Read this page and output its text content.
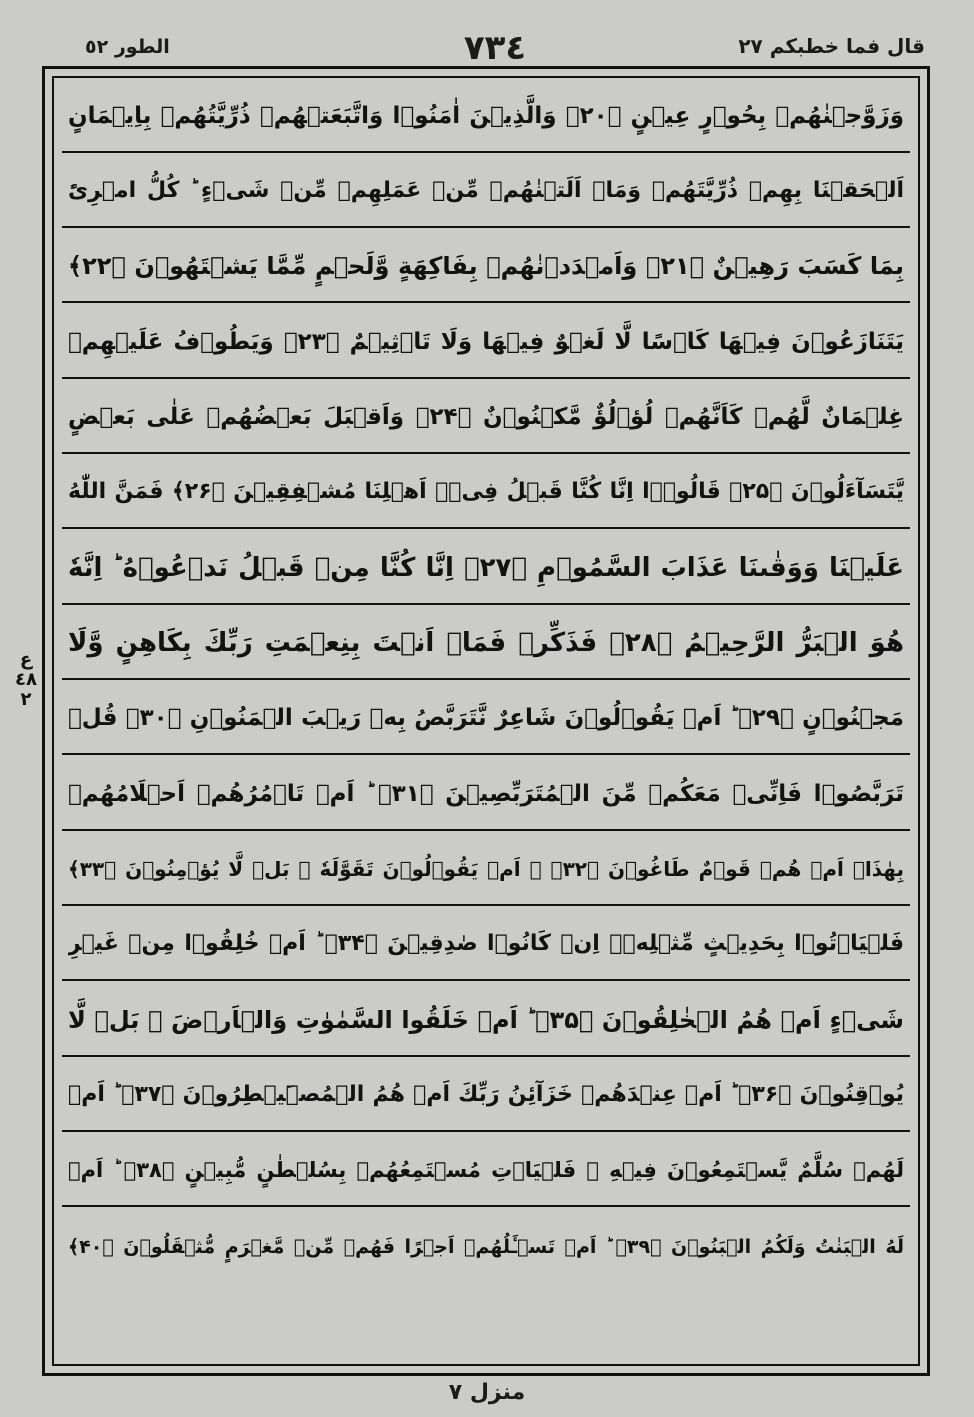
قال فما خطبكم ٢٧
٧٣٤
الطور ٥٢
ع ٤٨ ٢
وَزَوَّجۡنٰهُمۡ بِحُوۡرٍ عِيۡنٍ ﴿۲۰﴾ وَالَّذِيۡنَ اٰمَنُوۡا وَاتَّبَعَتۡهُمۡ ذُرِّيَّتُهُمۡ بِاِيۡمَانٍ
اَلۡحَقۡنَا بِهِمۡ ذُرِّيَّتَهُمۡ وَمَاۤ اَلَتۡنٰهُمۡ مِّنۡ عَمَلِهِمۡ مِّنۡ شَىۡءٍ ؕ كُلُّ امۡرِیًٔ
بِمَا كَسَبَ رَهِيۡنٌ ﴿۲۱﴾ وَاَمۡدَدۡنٰهُمۡ بِفَاكِهَةٍ وَّلَحۡمٍ مِّمَّا يَشۡتَهُوۡنَ ﴿۲۲﴾
يَتَنَازَعُوۡنَ فِيۡهَا كَاۡسًا لَّا لَغۡوٌ فِيۡهَا وَلَا تَاۡثِيۡمٌ ﴿۲۳﴾ وَيَطُوۡفُ عَلَيۡهِمۡ
غِلۡمَانٌ لَّهُمۡ كَاَنَّهُمۡ لُؤۡلُؤٌ مَّكۡنُوۡنٌ ﴿۲۴﴾ وَاَقۡبَلَ بَعۡضُهُمۡ عَلٰى بَعۡضٍ
يَّتَسَآءَلُوۡنَ ﴿۲۵﴾ قَالُوۡۤا اِنَّا كُنَّا قَبۡلُ فِىۡۤ اَهۡلِنَا مُشۡفِقِيۡنَ ﴿۲۶﴾ فَمَنَّ اللّٰهُ
عَلَيۡنَا وَوَقٰٮنَا عَذَابَ السَّمُوۡمِ ﴿۲۷﴾ اِنَّا كُنَّا مِنۡ قَبۡلُ نَدۡعُوۡهُ ؕ اِنَّهٗ
هُوَ الۡبَرُّ الرَّحِيۡمُ ﴿۲۸﴾ فَذَكِّرۡ فَمَاۤ اَنۡتَ بِنِعۡمَتِ رَبِّكَ بِكَاهِنٍ وَّلَا
مَجۡنُوۡنٍ ﴿۲۹﴾ ؕ اَمۡ يَقُوۡلُوۡنَ شَاعِرٌ نَّتَرَبَّصُ بِهٖ رَيۡبَ الۡمَنُوۡنِ ﴿۳۰﴾ قُلۡ
تَرَبَّصُوۡا فَاِنِّىۡ مَعَكُمۡ مِّنَ الۡمُتَرَبِّصِيۡنَ ﴿۳۱﴾ ؕ اَمۡ تَاۡمُرُهُمۡ اَحۡلَامُهُمۡ
بِهٰذَاۤ اَمۡ هُمۡ قَوۡمٌ طَاغُوۡنَ ﴿۳۲﴾ ۚ اَمۡ يَقُوۡلُوۡنَ تَقَوَّلَهٗ ۚ بَلۡ لَّا يُؤۡمِنُوۡنَ ﴿۳۳﴾
فَلۡيَاۡتُوۡا بِحَدِيۡثٍ مِّثۡلِهٖۤ اِنۡ كَانُوۡا صٰدِقِيۡنَ ﴿۳۴﴾ ؕ اَمۡ خُلِقُوۡا مِنۡ غَيۡرِ
شَىۡءٍ اَمۡ هُمُ الۡخٰلِقُوۡنَ ﴿۳۵﴾ ؕ اَمۡ خَلَقُوا السَّمٰوٰتِ وَالۡاَرۡضَ ۚ بَلۡ لَّا
يُوۡقِنُوۡنَ ﴿۳۶﴾ ؕ اَمۡ عِنۡدَهُمۡ خَزَآئِنُ رَبِّكَ اَمۡ هُمُ الۡمُصَۜيۡطِرُوۡنَ ﴿۳۷﴾ ؕ اَمۡ
لَهُمۡ سُلَّمٌ يَّسۡتَمِعُوۡنَ فِيۡهِ ۚ فَلۡيَاۡتِ مُسۡتَمِعُهُمۡ بِسُلۡطٰنٍ مُّبِيۡنٍ ﴿۳۸﴾ ؕ اَمۡ
لَهُ الۡبَنٰتُ وَلَكُمُ الۡبَنُوۡنَ ﴿۳۹﴾ ؕ اَمۡ تَسۡـَٔلُهُمۡ اَجۡرًا فَهُمۡ مِّنۡ مَّغۡرَمٍ مُّثۡقَلُوۡنَ ﴿۴۰﴾
منزل ٧
